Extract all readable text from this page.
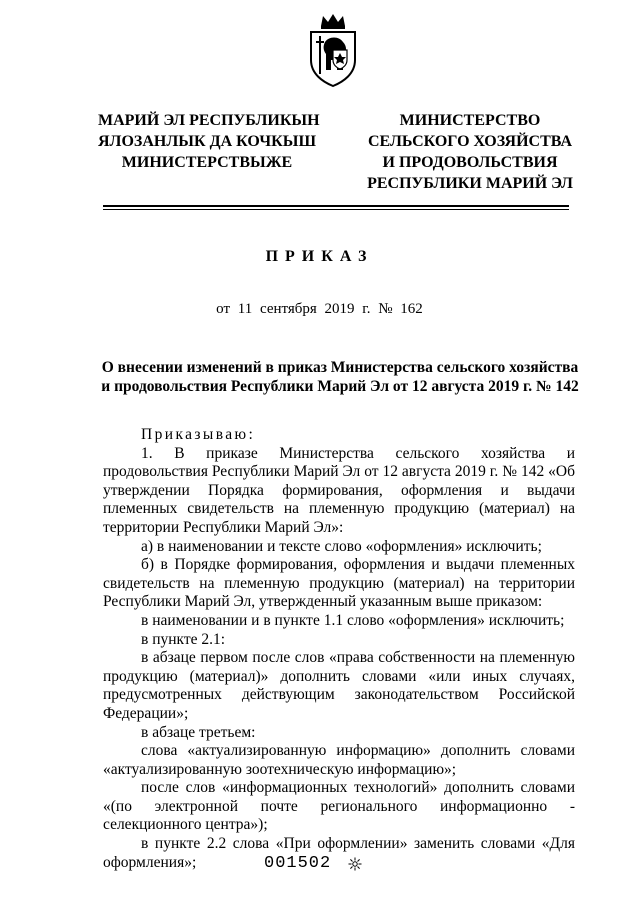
МАРИЙ ЭЛ РЕСПУБЛИКЫН
ЯЛОЗАНЛЫК ДА КОЧКЫШ
МИНИСТЕРСТВЫЖЕ
МИНИСТЕРСТВО
СЕЛЬСКОГО ХОЗЯЙСТВА
И ПРОДОВОЛЬСТВИЯ
РЕСПУБЛИКИ МАРИЙ ЭЛ
ПРИКАЗ
от 11 сентября 2019 г. № 162
О внесении изменений в приказ Министерства сельского хозяйства
и продовольствия Республики Марий Эл от 12 августа 2019 г. № 142
Приказываю:
1. В приказе Министерства сельского хозяйства и продовольствия Республики Марий Эл от 12 августа 2019 г. № 142 «Об утверждении Порядка формирования, оформления и выдачи племенных свидетельств на племенную продукцию (материал) на территории Республики Марий Эл»:
а) в наименовании и тексте слово «оформления» исключить;
б) в Порядке формирования, оформления и выдачи племенных свидетельств на племенную продукцию (материал) на территории Республики Марий Эл, утвержденный указанным выше приказом:
в наименовании и в пункте 1.1 слово «оформления» исключить;
в пункте 2.1:
в абзаце первом после слов «права собственности на племенную продукцию (материал)» дополнить словами «или иных случаях, предусмотренных действующим законодательством Российской Федерации»;
в абзаце третьем:
слова «актуализированную информацию» дополнить словами «актуализированную зоотехническую информацию»;
после слов «информационных технологий» дополнить словами «(по электронной почте регионального информационно - селекционного центра»);
в пункте 2.2 слова «При оформлении» заменить словами «Для оформления»;	001502
